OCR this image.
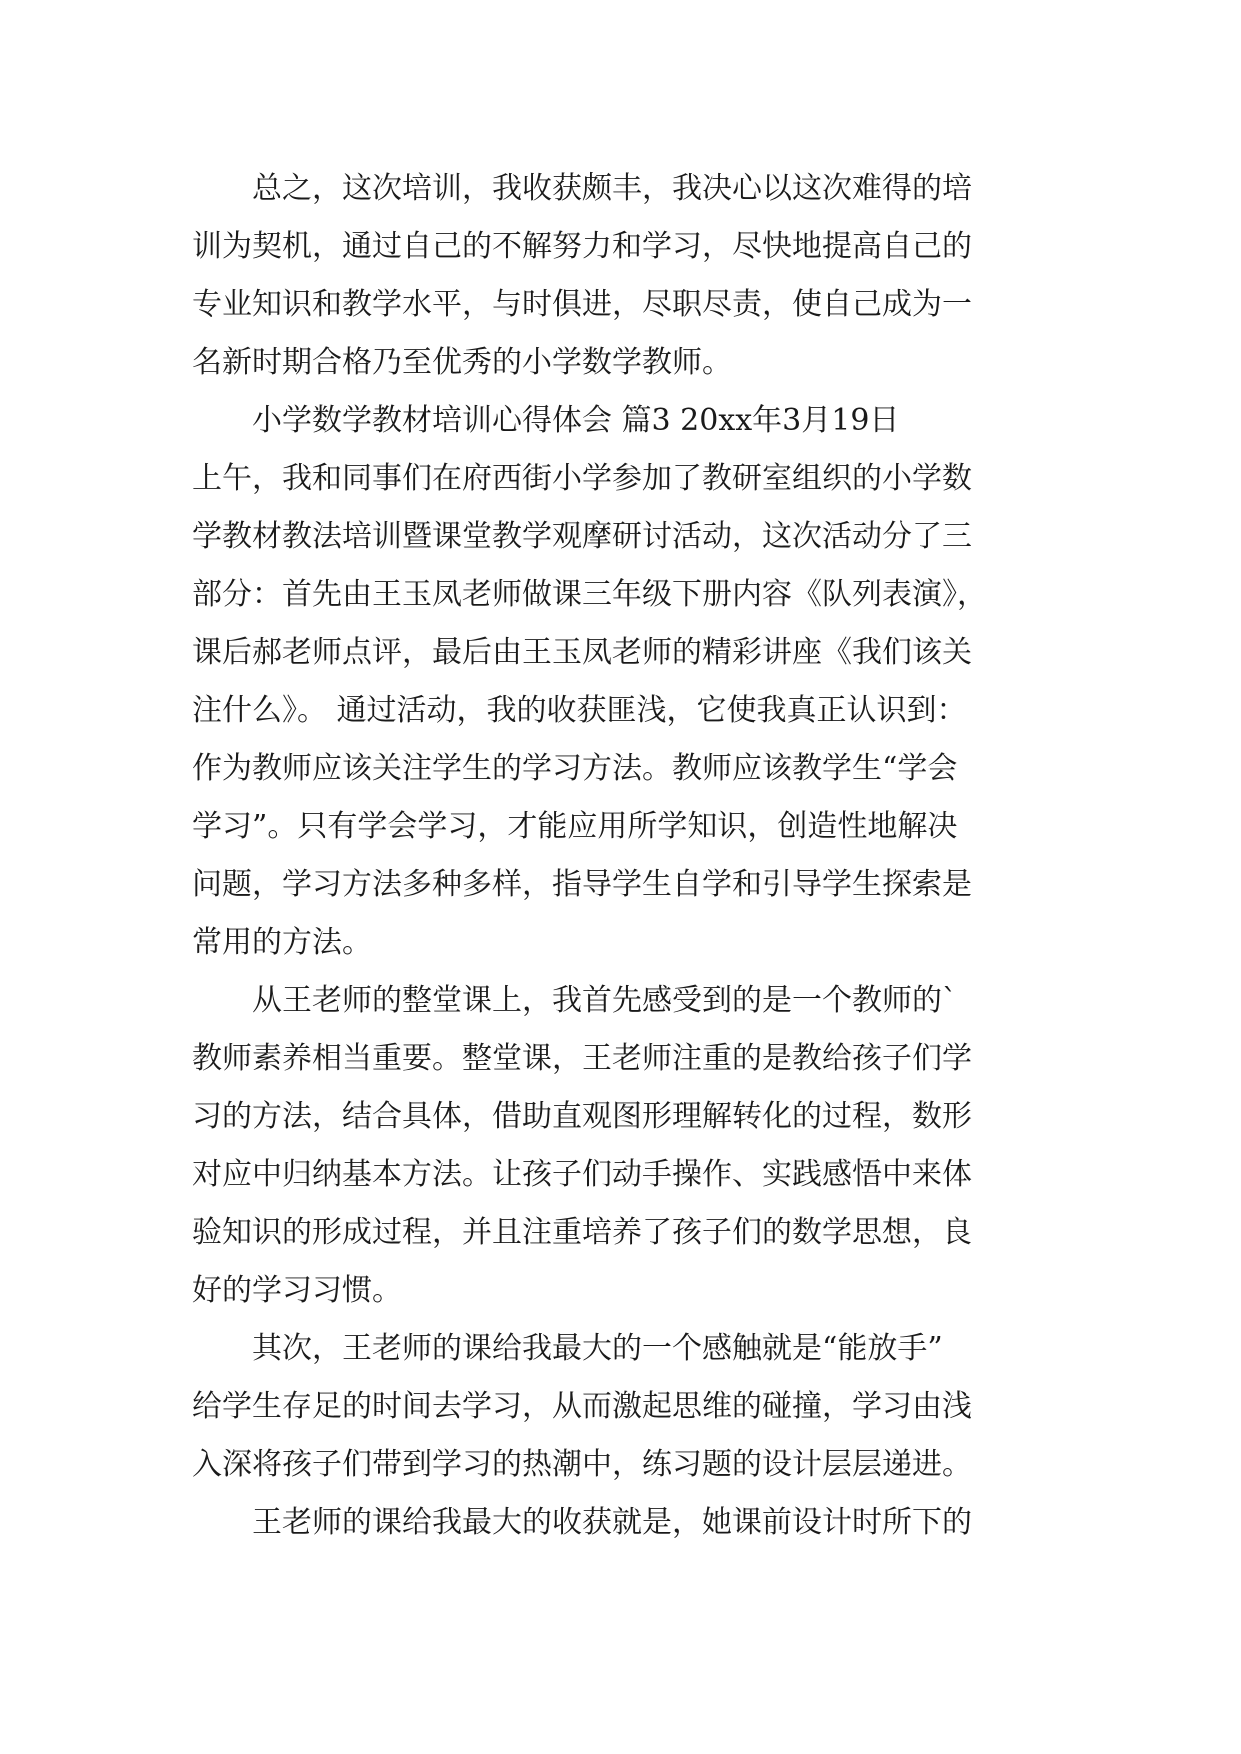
总之，这次培训，我收获颇丰，我决心以这次难得的培
训为契机，通过自己的不解努力和学习，尽快地提高自己的
专业知识和教学水平，与时俱进，尽职尽责，使自己成为一
名新时期合格乃至优秀的小学数学教师。

小学数学教材培训心得体会 篇3 20xx年3月19日
上午，我和同事们在府西街小学参加了教研室组织的小学数
学教材教法培训暨课堂教学观摩研讨活动，这次活动分了三
部分：首先由王玉凤老师做课三年级下册内容《队列表演》，
课后郝老师点评，最后由王玉凤老师的精彩讲座《我们该关
注什么》。 通过活动，我的收获匪浅，它使我真正认识到：
作为教师应该关注学生的学习方法。教师应该教学生“学会
学习”。只有学会学习，才能应用所学知识，创造性地解决
问题，学习方法多种多样，指导学生自学和引导学生探索是
常用的方法。

从王老师的整堂课上，我首先感受到的是一个教师的`
教师素养相当重要。整堂课，王老师注重的是教给孩子们学
习的方法，结合具体，借助直观图形理解转化的过程，数形
对应中归纳基本方法。让孩子们动手操作、实践感悟中来体
验知识的形成过程，并且注重培养了孩子们的数学思想，良
好的学习习惯。

其次，王老师的课给我最大的一个感触就是“能放手”
给学生存足的时间去学习，从而激起思维的碰撞，学习由浅
入深将孩子们带到学习的热潮中，练习题的设计层层递进。

王老师的课给我最大的收获就是，她课前设计时所下的
